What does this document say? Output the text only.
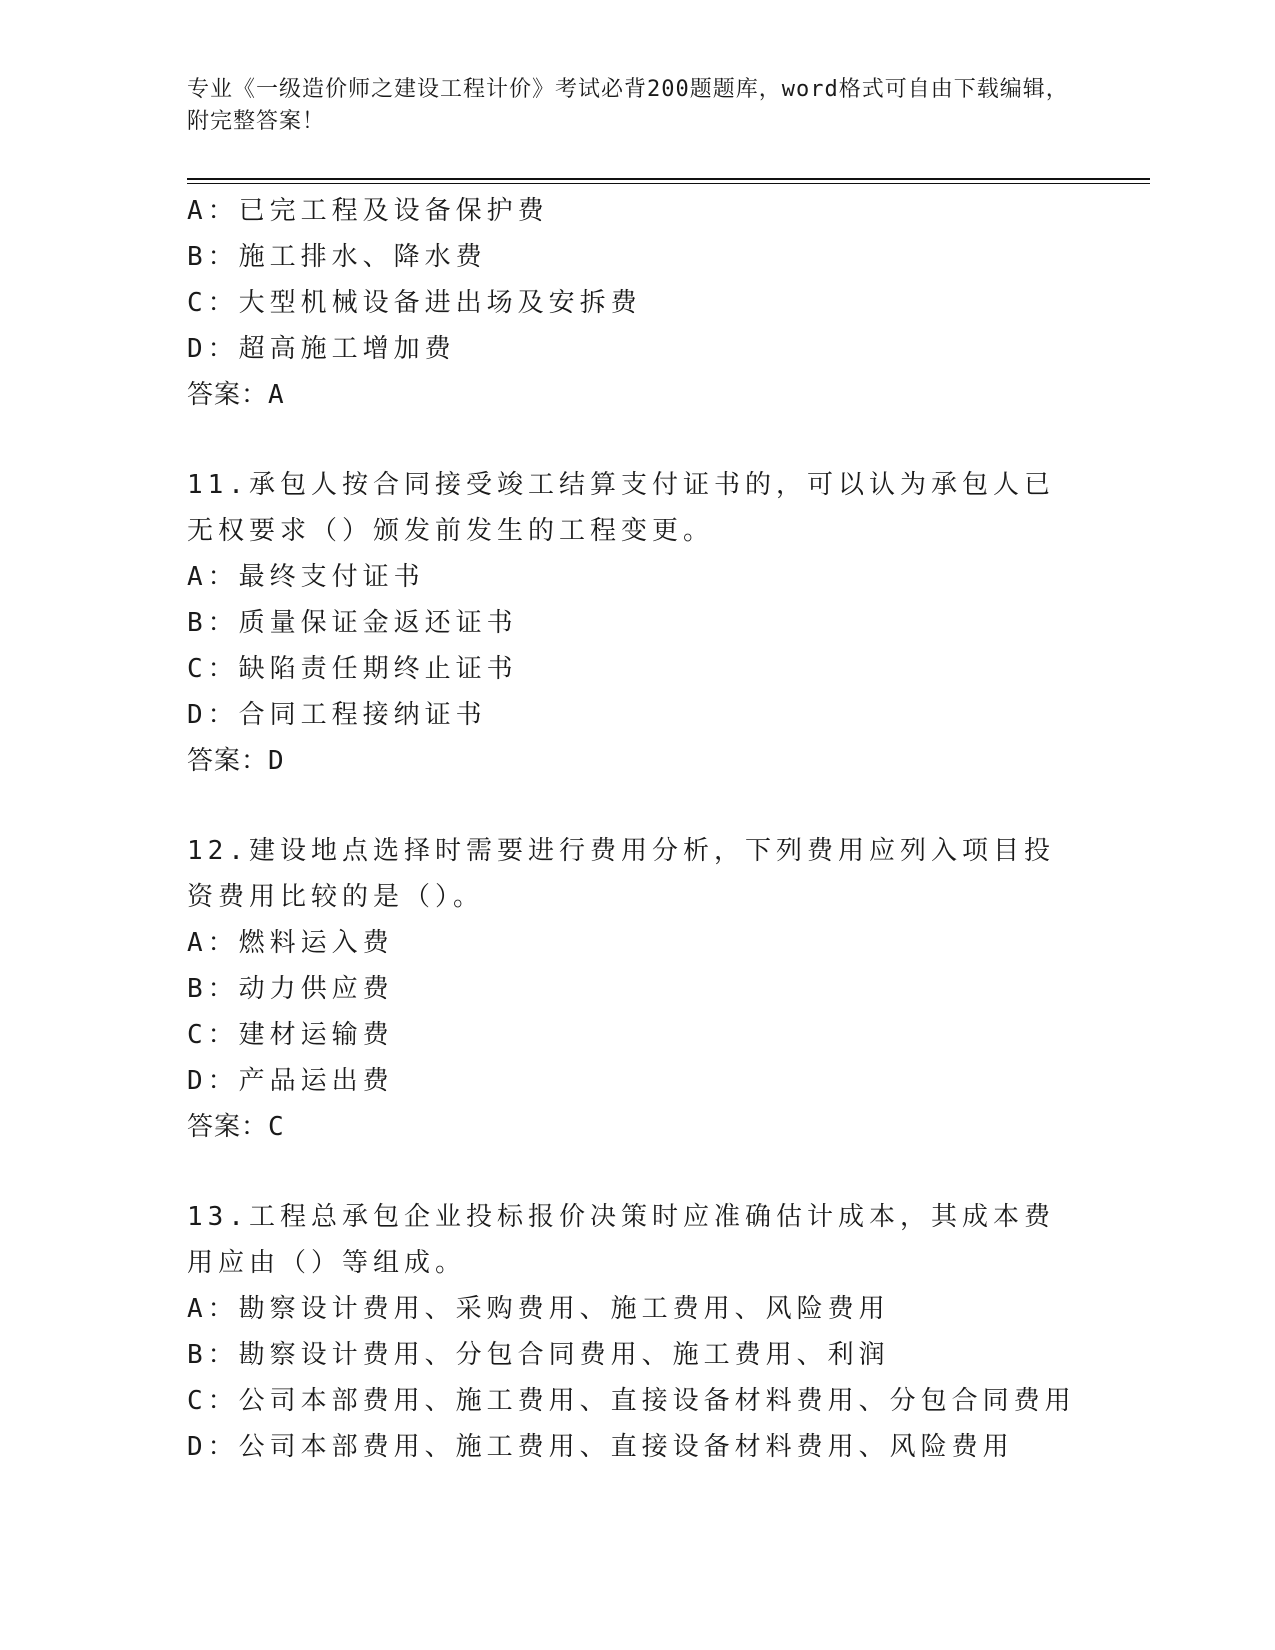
专业《一级造价师之建设工程计价》考试必背200题题库，word格式可自由下载编辑，附完整答案！
A：已完工程及设备保护费
B：施工排水、降水费
C：大型机械设备进出场及安拆费
D：超高施工增加费
答案：A
11.承包人按合同接受竣工结算支付证书的，可以认为承包人已无权要求（）颁发前发生的工程变更。
A：最终支付证书
B：质量保证金返还证书
C：缺陷责任期终止证书
D：合同工程接纳证书
答案：D
12.建设地点选择时需要进行费用分析，下列费用应列入项目投资费用比较的是（）。
A：燃料运入费
B：动力供应费
C：建材运输费
D：产品运出费
答案：C
13.工程总承包企业投标报价决策时应准确估计成本，其成本费用应由（）等组成。
A：勘察设计费用、采购费用、施工费用、风险费用
B：勘察设计费用、分包合同费用、施工费用、利润
C：公司本部费用、施工费用、直接设备材料费用、分包合同费用
D：公司本部费用、施工费用、直接设备材料费用、风险费用
